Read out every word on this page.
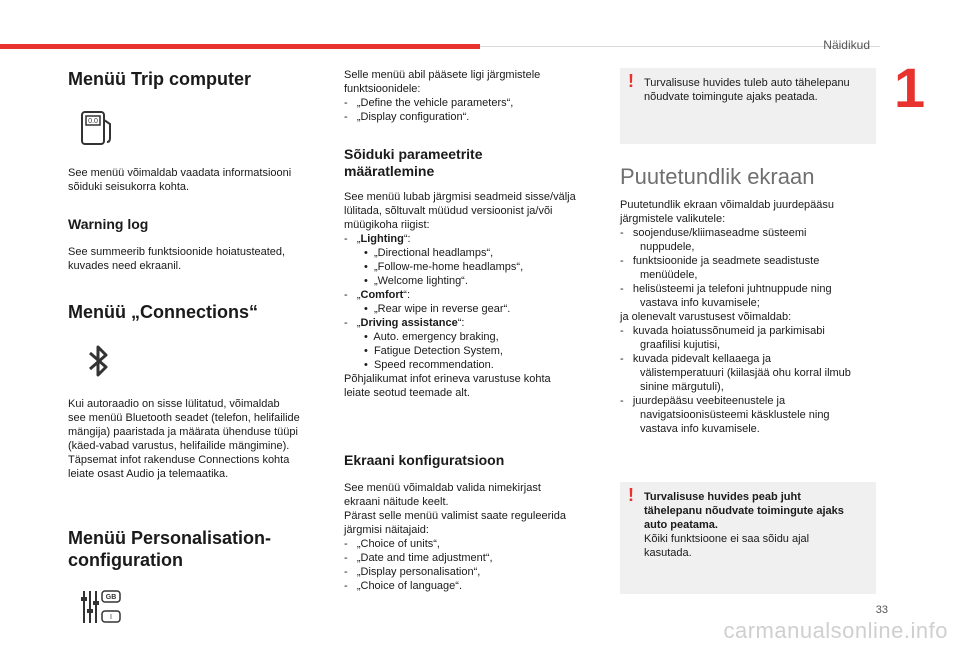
Näidikud
1
Menüü Trip computer
0.0

See menüü võimaldab vaadata informatsiooni
sõiduki seisukorra kohta.

Warning log

See summeerib funktsioonide hoiatusteated,
kuvades need ekraanil.

Menüü „Connections“

Kui autoraadio on sisse lülitatud, võimaldab
see menüü Bluetooth seadet (telefon, helifailide
mängija) paaristada ja määrata ühenduse tüüpi
(käed-vabad varustus, helifailide mängimine).
Täpsemat infot rakenduse Connections kohta
leiate osast Audio ja telemaatika.

Menüü Personalisation-
configuration
GB
I

Selle menüü abil pääsete ligi järgmistele
funktsioonidele:
-   „Define the vehicle parameters“,
-   „Display configuration“.

Sõiduki parameetrite
määratlemine

See menüü lubab järgmisi seadmeid sisse/välja
lülitada, sõltuvalt müüdud versioonist ja/või
müügikoha riigist:
-   „Lighting“:
•  „Directional headlamps“,
•  „Follow-me-home headlamps“,
•  „Welcome lighting“.
-   „Comfort“:
•  „Rear wipe in reverse gear“.
-   „Driving assistance“:
•  Auto. emergency braking,
•  Fatigue Detection System,
•  Speed recommendation.
Põhjalikumat infot erineva varustuse kohta
leiate seotud teemade alt.

Ekraani konfiguratsioon

See menüü võimaldab valida nimekirjast
ekraani näitude keelt.
Pärast selle menüü valimist saate reguleerida
järgmisi näitajaid:
-   „Choice of units“,
-   „Date and time adjustment“,
-   „Display personalisation“,
-   „Choice of language“.

! Turvalisuse huvides tuleb auto tähelepanu
nõudvate toimingute ajaks peatada.
Puutetundlik ekraan

Puutetundlik ekraan võimaldab juurdepääsu
järgmistele valikutele:
-   soojenduse/kliimaseadme süsteemi
nuppudele,
-   funktsioonide ja seadmete seadistuste
menüüdele,
-   helisüsteemi ja telefoni juhtnuppude ning
vastava info kuvamisele;
ja olenevalt varustusest võimaldab:
-   kuvada hoiatussõnumeid ja parkimisabi
graafilisi kujutisi,
-   kuvada pidevalt kellaaega ja
välistemperatuuri (kiilasjää ohu korral ilmub
sinine märgutuli),
-   juurdepääsu veebiteenustele ja
navigatsioonisüsteemi käsklustele ning
vastava info kuvamisele.

! Turvalisuse huvides peab juht
tähelepanu nõudvate toimingute ajaks
auto peatama.
Kõiki funktsioone ei saa sõidu ajal
kasutada.
33
carmanualsonline.info
